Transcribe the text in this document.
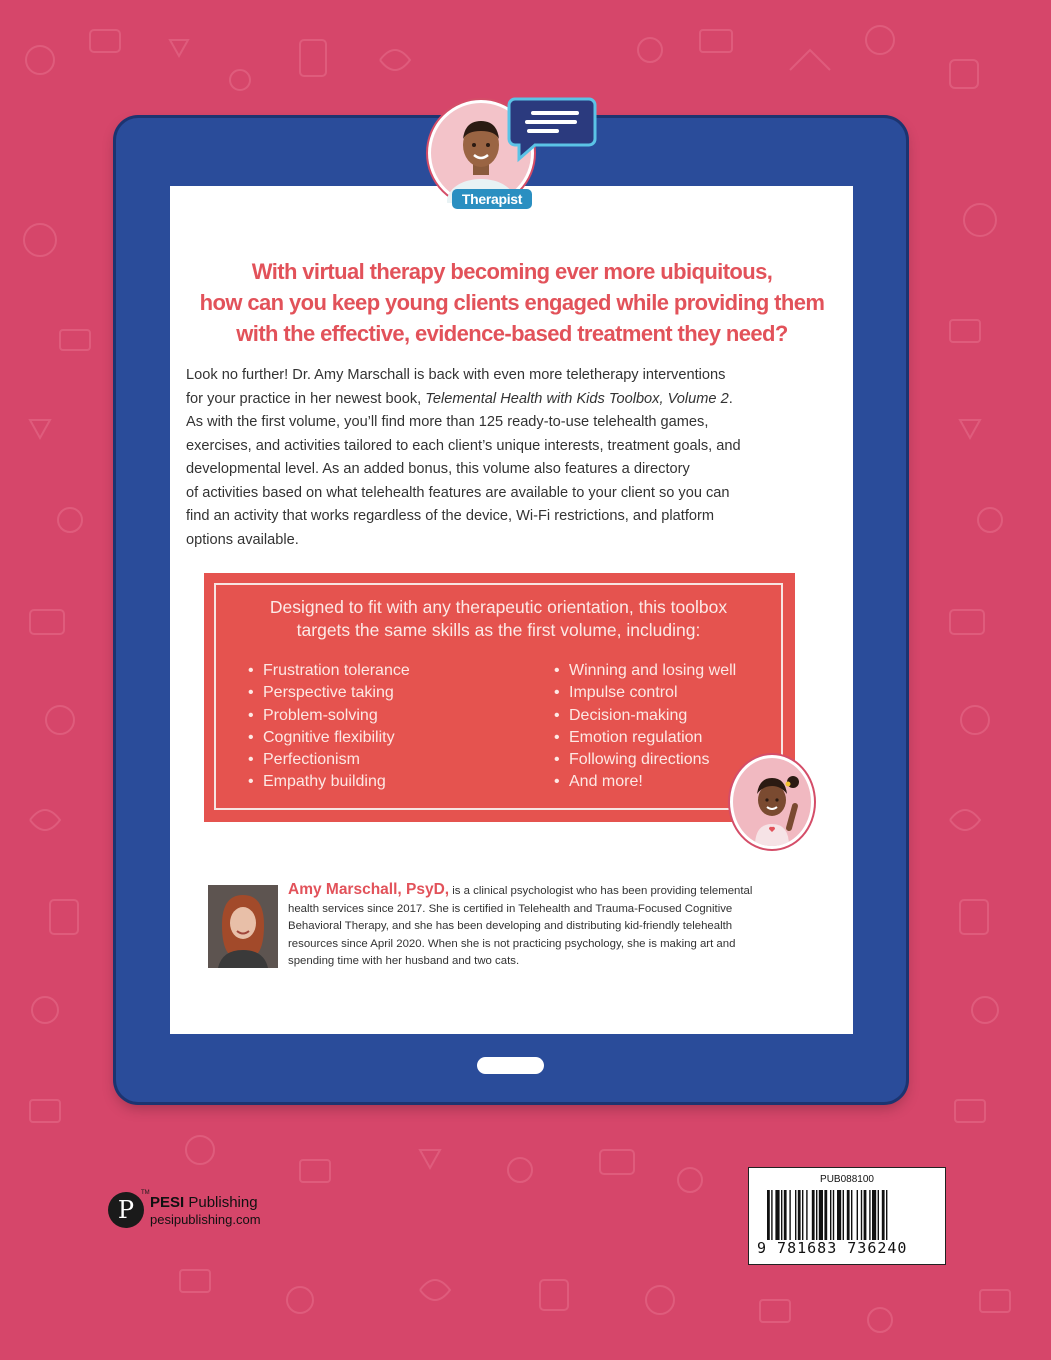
Therapist
With virtual therapy becoming ever more ubiquitous,
how can you keep young clients engaged while providing them
with the effective, evidence-based treatment they need?
Look no further! Dr. Amy Marschall is back with even more teletherapy interventions
for your practice in her newest book, Telemental Health with Kids Toolbox, Volume 2.
As with the first volume, you’ll find more than 125 ready-to-use telehealth games,
exercises, and activities tailored to each client’s unique interests, treatment goals, and
developmental level. As an added bonus, this volume also features a directory
of activities based on what telehealth features are available to your client so you can
find an activity that works regardless of the device, Wi-Fi restrictions, and platform
options available.
Designed to fit with any therapeutic orientation, this toolbox
targets the same skills as the first volume, including:
• Frustration tolerance
• Perspective taking
• Problem-solving
• Cognitive flexibility
• Perfectionism
• Empathy building
• Winning and losing well
• Impulse control
• Decision-making
• Emotion regulation
• Following directions
• And more!
Amy Marschall, PsyD, is a clinical psychologist who has been providing telemental
health services since 2017. She is certified in Telehealth and Trauma-Focused Cognitive
Behavioral Therapy, and she has been developing and distributing kid-friendly telehealth
resources since April 2020. When she is not practicing psychology, she is making art and
spending time with her husband and two cats.
P
TM
PESI Publishing
pesipublishing.com
PUB088100
9 781683 736240
